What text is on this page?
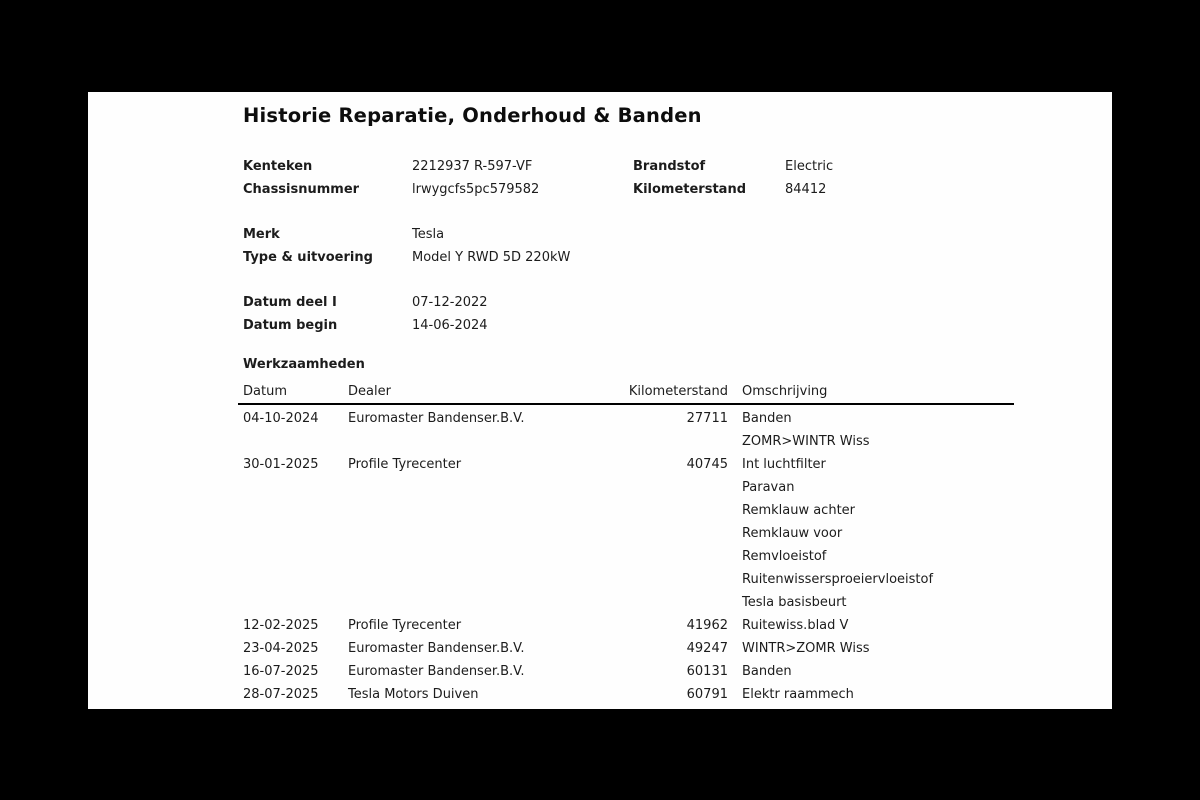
Historie Reparatie, Onderhoud & Banden
Kenteken	2212937 R-597-VF	Brandstof	Electric
Chassisnummer	lrwygcfs5pc579582	Kilometerstand	84412
Merk	Tesla
Type & uitvoering	Model Y RWD 5D 220kW
Datum deel I	07-12-2022
Datum begin	14-06-2024
Werkzaamheden
Datum	Dealer	Kilometerstand Omschrijving
04-10-2024	Euromaster Bandenser.B.V.	27711 Banden
ZOMR>WINTR Wiss
30-01-2025	Profile Tyrecenter	40745 Int luchtfilter
Paravan
Remklauw achter
Remklauw voor
Remvloeistof
Ruitenwissersproeiervloeistof
Tesla basisbeurt
12-02-2025	Profile Tyrecenter	41962 Ruitewiss.blad V
23-04-2025	Euromaster Bandenser.B.V.	49247 WINTR>ZOMR Wiss
16-07-2025	Euromaster Bandenser.B.V.	60131 Banden
28-07-2025	Tesla Motors Duiven	60791 Elektr raammech
